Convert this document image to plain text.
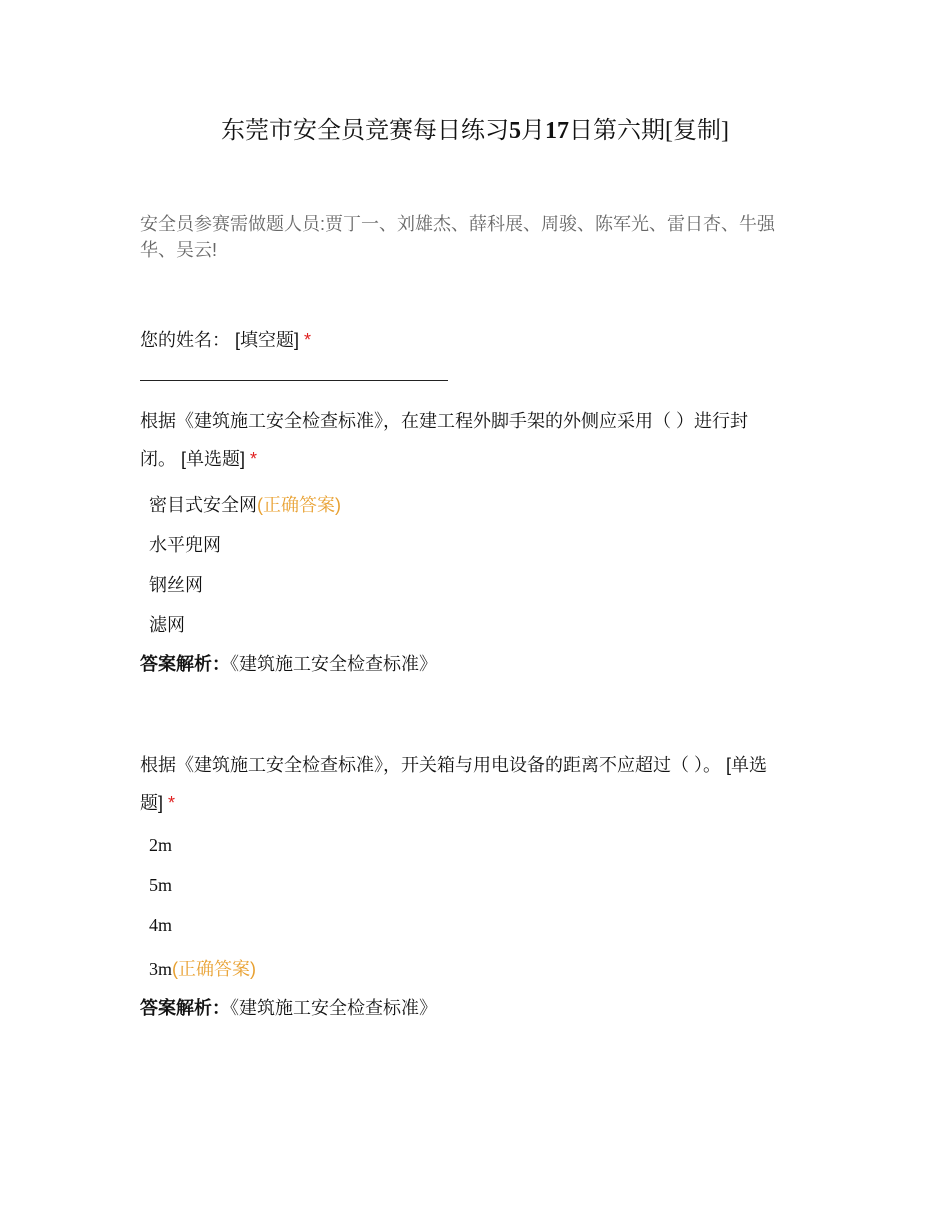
东莞市安全员竞赛每日练习5月17日第六期[复制]
安全员参赛需做题人员:贾丁一、刘雄杰、薛科展、周骏、陈军光、雷日杏、牛强
华、吴云!
您的姓名： [填空题] *
根据《建筑施工安全检查标准》，在建工程外脚手架的外侧应采用（ ）进行封
闭。 [单选题] *
密目式安全网(正确答案)
水平兜网
钢丝网
滤网
答案解析：《建筑施工安全检查标准》
根据《建筑施工安全检查标准》，开关箱与用电设备的距离不应超过（ ）。 [单选
题] *
2m
5m
4m
3m(正确答案)
答案解析：《建筑施工安全检查标准》
